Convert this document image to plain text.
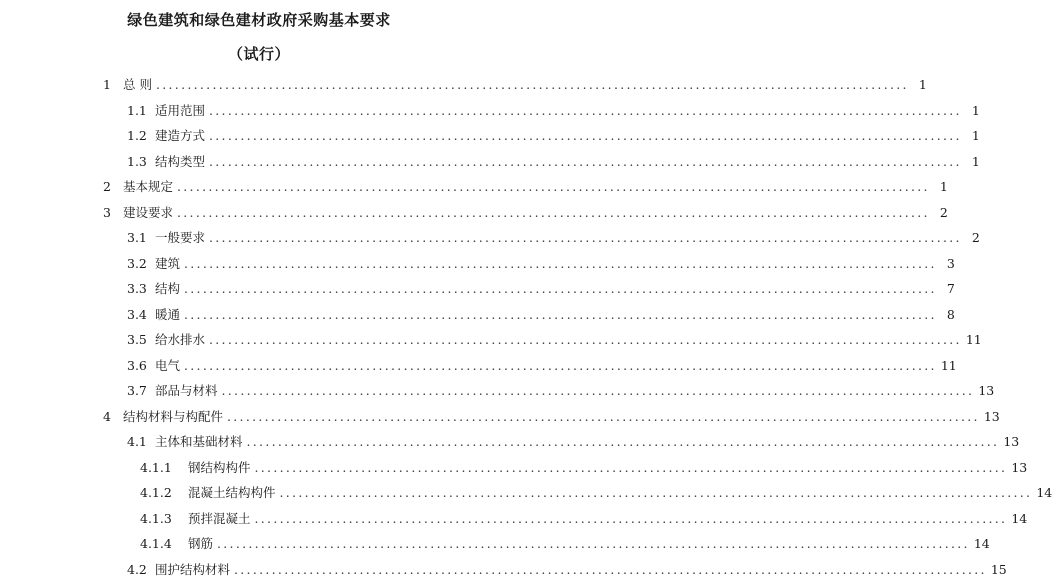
绿色建筑和绿色建材政府采购基本要求
（试行）
1 总 则 ........................................................................................................................ 1
1.1 适用范围 ........................................................................................................................ 1
1.2 建造方式 ........................................................................................................................ 1
1.3 结构类型 ........................................................................................................................ 1
2 基本规定 ........................................................................................................................ 1
3 建设要求 ........................................................................................................................ 2
3.1 一般要求 ........................................................................................................................ 2
3.2 建筑 ........................................................................................................................ 3
3.3 结构 ........................................................................................................................ 7
3.4 暖通 ........................................................................................................................ 8
3.5 给水排水 ........................................................................................................................ 11
3.6 电气 ........................................................................................................................ 11
3.7 部品与材料 ........................................................................................................................ 13
4 结构材料与构配件 ........................................................................................................................ 13
4.1 主体和基础材料 ........................................................................................................................ 13
4.1.1	钢结构构件 ........................................................................................................................ 13
4.1.2	混凝土结构构件 ........................................................................................................................ 14
4.1.3	预拌混凝土 ........................................................................................................................ 14
4.1.4	钢筋 ........................................................................................................................ 14
4.2 围护结构材料 ........................................................................................................................ 15
